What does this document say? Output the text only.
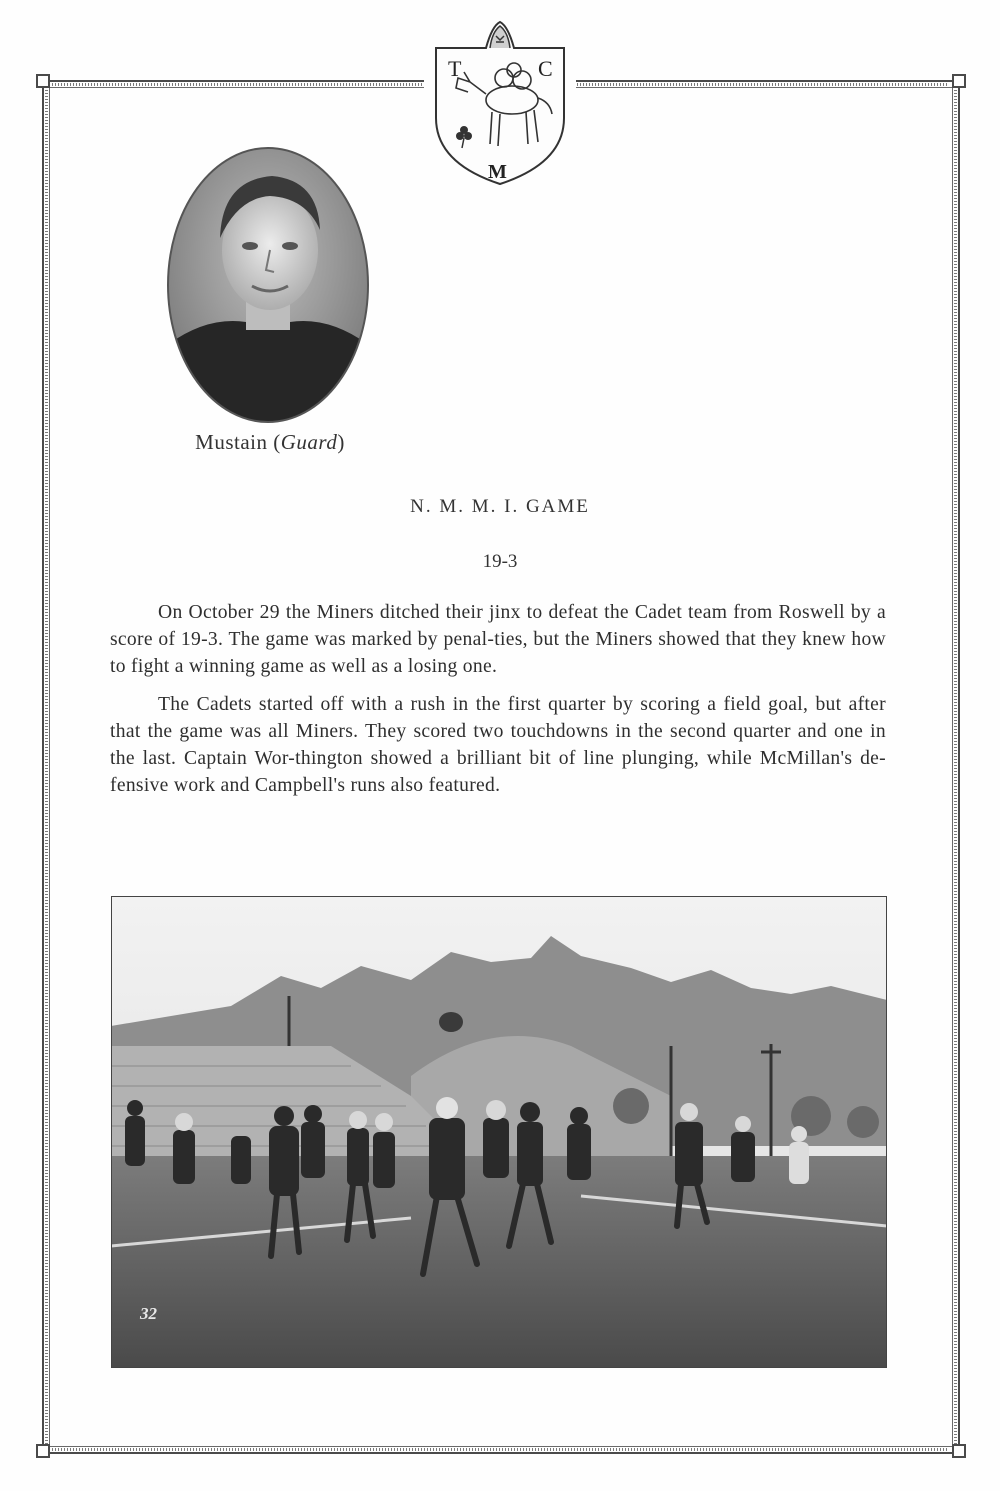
T	C
M
Mustain (Guard)
N. M. M. I. GAME
19-3

On October 29 the Miners ditched their jinx to defeat the Cadet team from Roswell by a score of 19-3. The game was marked by penal-ties, but the Miners showed that they knew how to fight a winning game as well as a losing one.

The Cadets started off with a rush in the first quarter by scoring a field goal, but after that the game was all Miners. They scored two touchdowns in the second quarter and one in the last. Captain Wor-thington showed a brilliant bit of line plunging, while McMillan's de-fensive work and Campbell's runs also featured.

32
